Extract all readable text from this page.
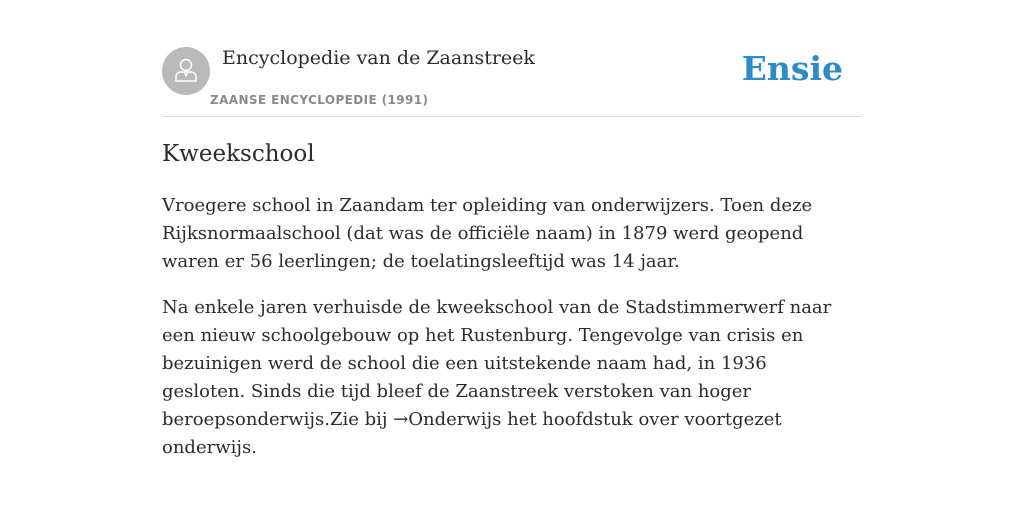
Encyclopedie van de Zaanstreek
ZAANSE ENCYCLOPEDIE (1991)
Ensie
Kweekschool

Vroegere school in Zaandam ter opleiding van onderwijzers. Toen deze Rijksnormaalschool (dat was de officiële naam) in 1879 werd geopend waren er 56 leerlingen; de toelatingsleeftijd was 14 jaar.

Na enkele jaren verhuisde de kweekschool van de Stadstimmerwerf naar een nieuw schoolgebouw op het Rustenburg. Tengevolge van crisis en bezuinigen werd de school die een uitstekende naam had, in 1936 gesloten. Sinds die tijd bleef de Zaanstreek verstoken van hoger beroepsonderwijs.Zie bij →Onderwijs het hoofdstuk over voortgezet onderwijs.
